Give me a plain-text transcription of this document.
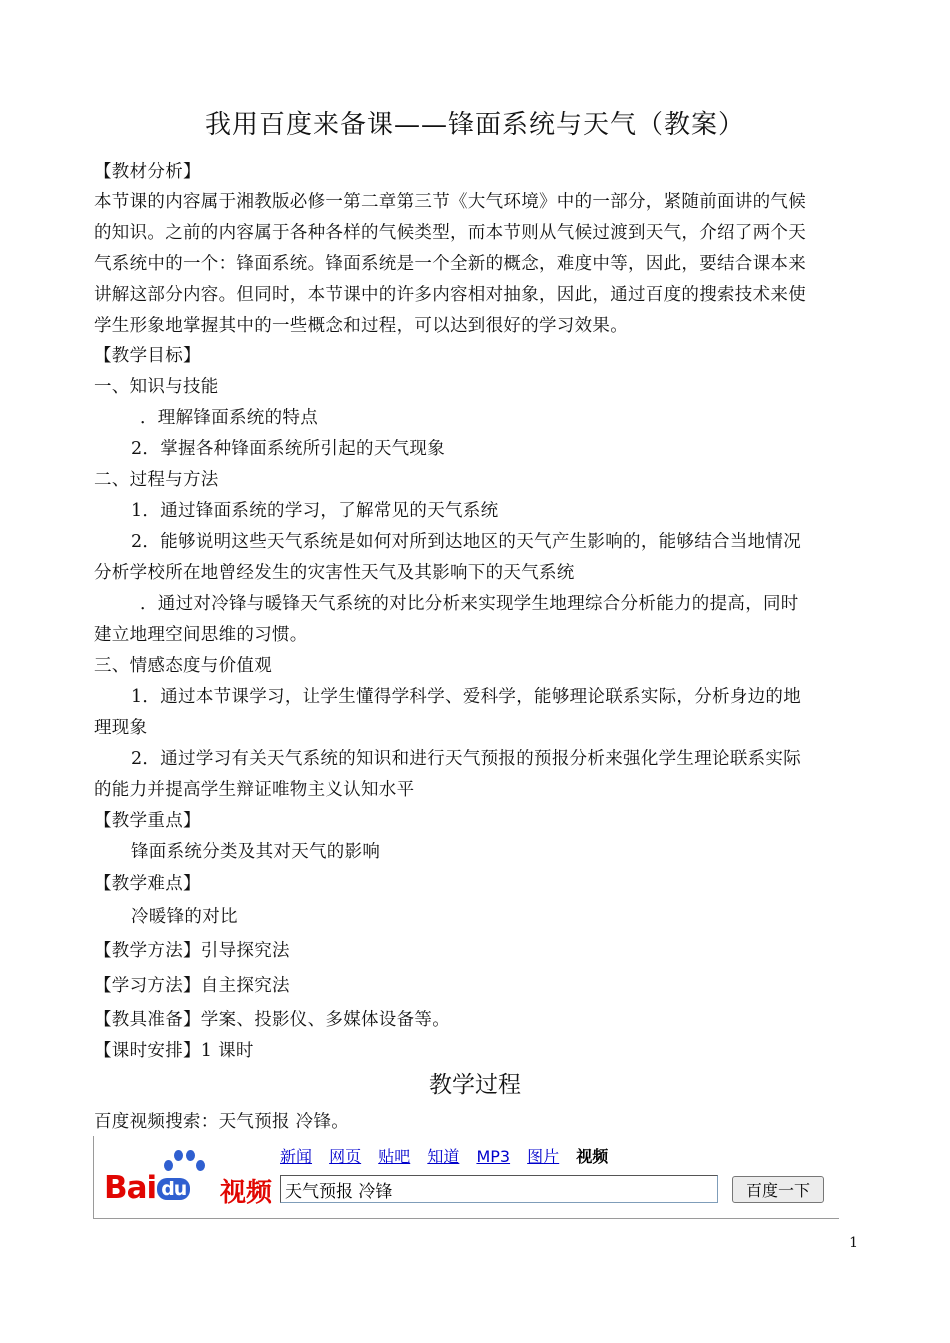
我用百度来备课——锋面系统与天气（教案）
【教材分析】
本节课的内容属于湘教版必修一第二章第三节《大气环境》中的一部分，紧随前面讲的气候
的知识。之前的内容属于各种各样的气候类型，而本节则从气候过渡到天气，介绍了两个天
气系统中的一个：锋面系统。锋面系统是一个全新的概念，难度中等，因此，要结合课本来
讲解这部分内容。但同时，本节课中的许多内容相对抽象，因此，通过百度的搜索技术来使
学生形象地掌握其中的一些概念和过程，可以达到很好的学习效果。
【教学目标】
一、知识与技能
．理解锋面系统的特点
2．掌握各种锋面系统所引起的天气现象
二、过程与方法
1．通过锋面系统的学习，了解常见的天气系统
2．能够说明这些天气系统是如何对所到达地区的天气产生影响的，能够结合当地情况
分析学校所在地曾经发生的灾害性天气及其影响下的天气系统
．通过对冷锋与暖锋天气系统的对比分析来实现学生地理综合分析能力的提高，同时
建立地理空间思维的习惯。
三、情感态度与价值观
1．通过本节课学习，让学生懂得学科学、爱科学，能够理论联系实际，分析身边的地
理现象
2．通过学习有关天气系统的知识和进行天气预报的预报分析来强化学生理论联系实际
的能力并提高学生辩证唯物主义认知水平
【教学重点】
锋面系统分类及其对天气的影响
【教学难点】
冷暖锋的对比
【教学方法】引导探究法
【学习方法】自主探究法
【教具准备】学案、投影仪、多媒体设备等。
【课时安排】1 课时
教学过程
百度视频搜索：天气预报 冷锋。
Bai du 视频
新闻 网页 贴吧 知道 MP3 图片 视频
天气预报 冷锋
百度一下
1
